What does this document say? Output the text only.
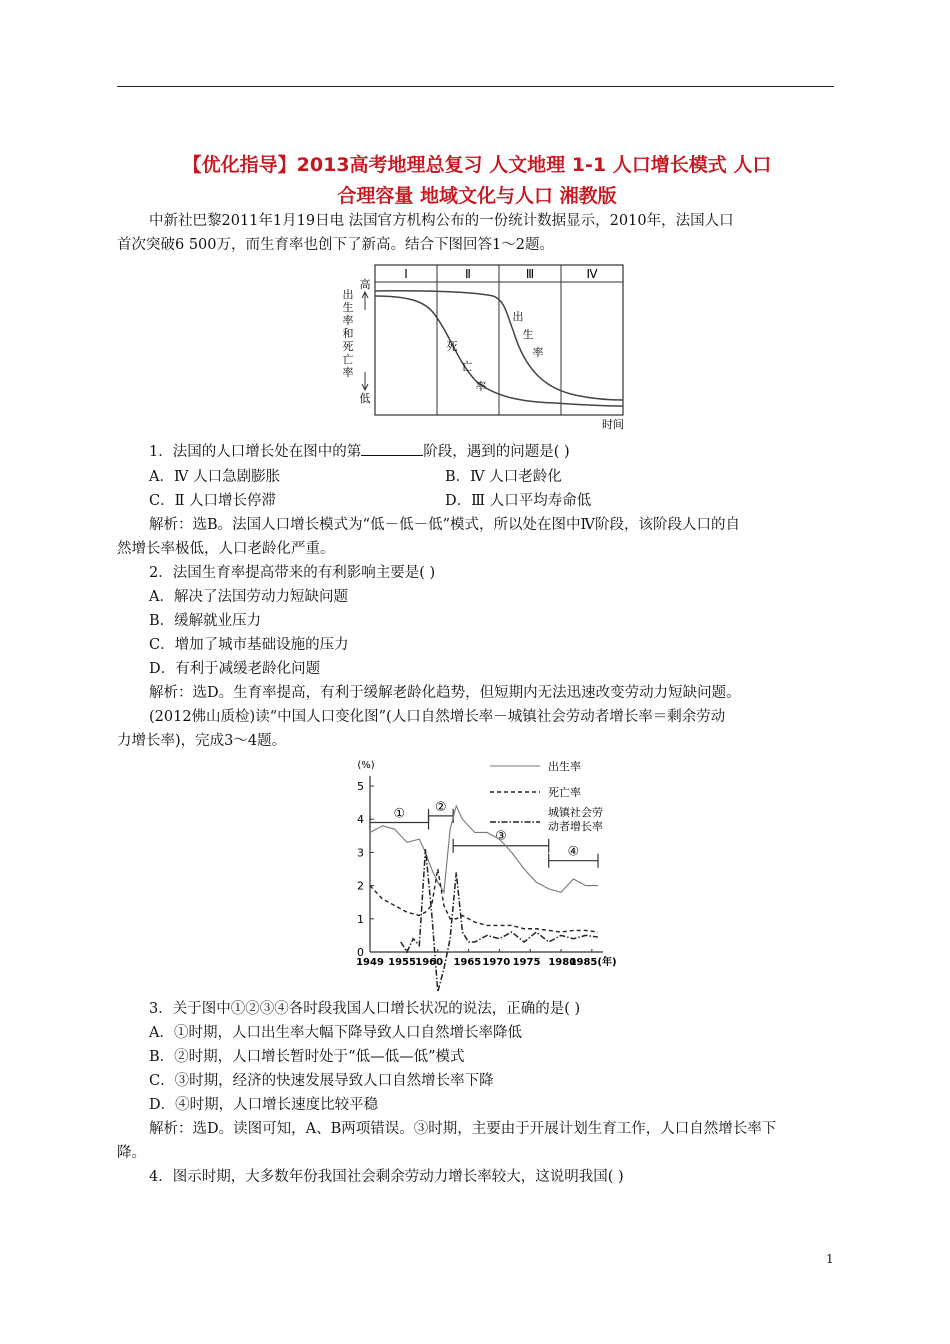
【优化指导】2013高考地理总复习 人文地理 1-1 人口增长模式 人口
合理容量 地域文化与人口 湘教版
中新社巴黎2011年1月19日电 法国官方机构公布的一份统计数据显示，2010年，法国人口
首次突破6 500万，而生育率也创下了新高。结合下图回答1～2题。
Ⅰ	Ⅱ	Ⅲ	Ⅳ
高
低
出
生
率
和
死
亡
率
出
生
率
死
亡
率
时间
1．法国的人口增长处在图中的第	阶段，遇到的问题是( )
A．Ⅳ 人口急剧膨胀	B．Ⅳ 人口老龄化
C．Ⅱ 人口增长停滞	D．Ⅲ 人口平均寿命低
解析：选B。法国人口增长模式为“低－低－低”模式，所以处在图中Ⅳ阶段，该阶段人口的自
然增长率极低，人口老龄化严重。
2．法国生育率提高带来的有利影响主要是( )
A．解决了法国劳动力短缺问题
B．缓解就业压力
C．增加了城市基础设施的压力
D．有利于减缓老龄化问题
解析：选D。生育率提高，有利于缓解老龄化趋势，但短期内无法迅速改变劳动力短缺问题。
(2012佛山质检)读“中国人口变化图”(人口自然增长率－城镇社会劳动者增长率＝剩余劳动
力增长率)，完成3～4题。
(%)
0
1
2
3
4
5
1949 1955 1960 1965 1970 1975 1980
1985(年)
① ②
③
④
出生率
死亡率
城镇社会劳
动者增长率
3．关于图中①②③④各时段我国人口增长状况的说法，正确的是( )
A．①时期，人口出生率大幅下降导致人口自然增长率降低
B．②时期，人口增长暂时处于“低—低—低”模式
C．③时期，经济的快速发展导致人口自然增长率下降
D．④时期，人口增长速度比较平稳
解析：选D。读图可知，A、B两项错误。③时期，主要由于开展计划生育工作，人口自然增长率下
降。
4．图示时期，大多数年份我国社会剩余劳动力增长率较大，这说明我国( )
1
